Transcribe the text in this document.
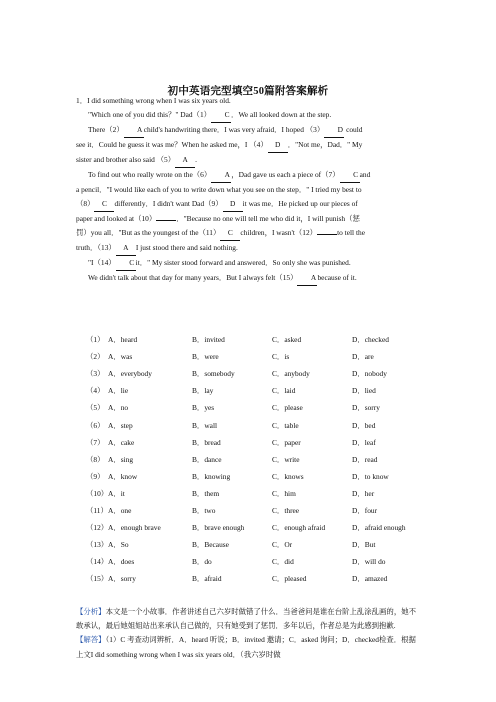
初中英语完型填空50篇附答案解析

1．I did something wrong when I was six years old.

"Which one of you did this？" Dad（1） C ．We all looked down at the step.

There（2） Achild's handwriting there．I was very afraid．I hoped （3） D could

see it．Could he guess it was me？When he asked me，I （4） D ．"Not me，Dad．" My

sister and brother also said （5） A .

To find out who really wrote on the（6） A，Dad gave us each a piece of（7） C and

a pencil．"I would like each of you to write down what you see on the step．" I tried my best to

（8） C differently．I didn't want Dad（9） D it was me．He picked up our pieces of

paper and looked at（10）	．"Because no one will tell me who did it，I will punish（惩

罚）you all．"But as the youngest of the（11） C children，I wasn't（12）	to tell the

truth．（13） A I just stood there and said nothing.

"I（14） C it．" My sister stood forward and answered．So only she was punished.

We didn't talk about that day for many years．But I always felt（15） Abecause of it.

（1） A．heard	B．invited	C．asked	D．checked
（2） A．was	B．were	C．is	D．are
（3） A．everybody	B．somebody	C．anybody	D．nobody
（4） A．lie	B．lay	C．laid	D．lied
（5） A．no	B．yes	C．please	D．sorry
（6） A．step	B．wall	C．table	D．bed
（7） A．cake	B．bread	C．paper	D．leaf
（8） A．sing	B．dance	C．write	D．read
（9） A．know	B．knowing	C．knows	D．to know
（10） A．it	B．them	C．him	D．her
（11） A．one	B．two	C．three	D．four
（12） A．enough brave	B．brave enough	C．enough afraid	D．afraid enough
（13） A．So	B．Because	C．Or	D．But
（14） A．does	B．do	C．did	D．will do
（15） A．sorry	B．afraid	C．pleased	D．amazed

【分析】本文是一个小故事．作者讲述自己六岁时做错了什么．当爸爸问是谁在台阶上乱涂乱画的，她不敢承认，最后她姐姐站出来承认自己做的，只有她受到了惩罚．多年以后，作者总是为此感到抱歉.

【解答】（1）C 考查动词辨析．A．heard 听说；B．invited 邀请；C．asked 询问；D．checked检查．根据上文I did something wrong when I was six years old．（我六岁时做
